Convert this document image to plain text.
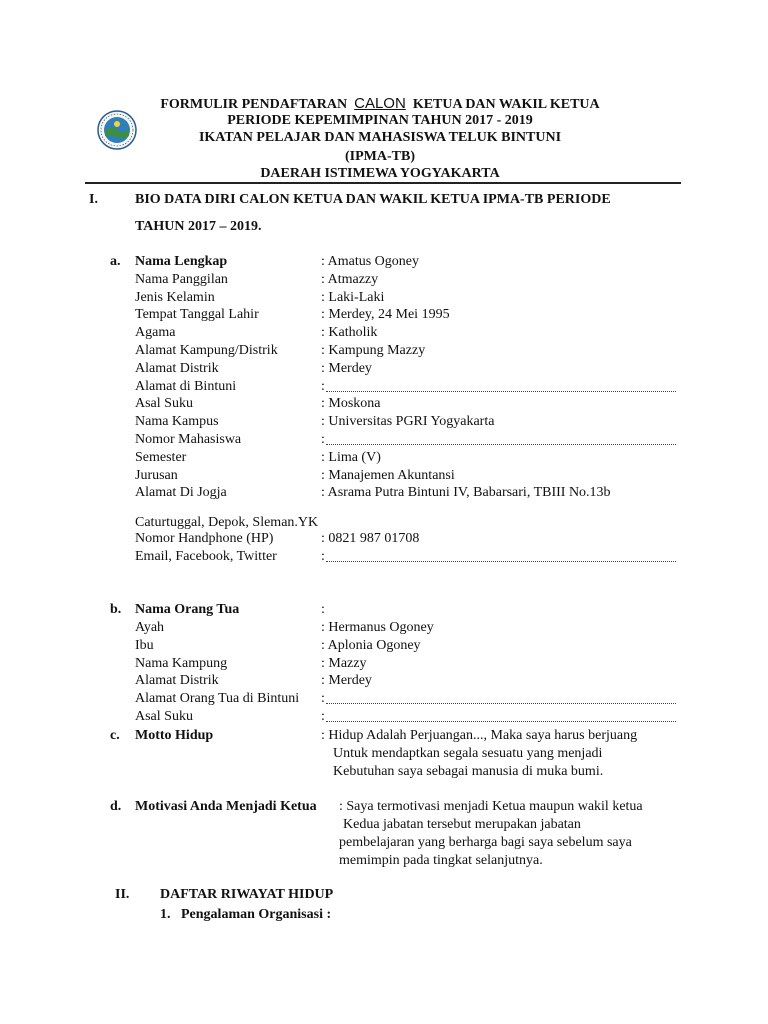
FORMULIR PENDAFTARAN CALON KETUA DAN WAKIL KETUA
PERIODE KEPEMIMPINAN TAHUN 2017 - 2019
IKATAN PELAJAR DAN MAHASISWA TELUK BINTUNI
(IPMA-TB)
DAERAH ISTIMEWA YOGYAKARTA
I.	BIO DATA DIRI CALON KETUA DAN WAKIL KETUA IPMA-TB PERIODE
TAHUN 2017 – 2019.
a. Nama Lengkap	: Amatus Ogoney
Nama Panggilan	: Atmazzy
Jenis Kelamin	: Laki-Laki
Tempat Tanggal Lahir	: Merdey, 24 Mei 1995
Agama	: Katholik
Alamat Kampung/Distrik	: Kampung Mazzy
Alamat Distrik	: Merdey
Alamat di Bintuni	:
Asal Suku	: Moskona
Nama Kampus	: Universitas PGRI Yogyakarta
Nomor Mahasiswa	:
Semester	: Lima (V)
Jurusan	: Manajemen Akuntansi
Alamat Di Jogja	: Asrama Putra Bintuni IV, Babarsari, TBIII No.13b
Caturtuggal, Depok, Sleman.YK
Nomor Handphone (HP)	: 0821 987 01708
Email, Facebook, Twitter	:
b. Nama Orang Tua	:
Ayah	: Hermanus Ogoney
Ibu	: Aplonia Ogoney
Nama Kampung	: Mazzy
Alamat Distrik	: Merdey
Alamat Orang Tua di Bintuni :
Asal Suku	:
c. Motto Hidup	: Hidup Adalah Perjuangan..., Maka saya harus berjuang
Untuk mendaptkan segala sesuatu yang menjadi
Kebutuhan saya sebagai manusia di muka bumi.
d. Motivasi Anda Menjadi Ketua : Saya termotivasi menjadi Ketua maupun wakil ketua
Kedua jabatan tersebut merupakan jabatan
pembelajaran yang berharga bagi saya sebelum saya
memimpin pada tingkat selanjutnya.
II. DAFTAR RIWAYAT HIDUP
1.   Pengalaman Organisasi :
